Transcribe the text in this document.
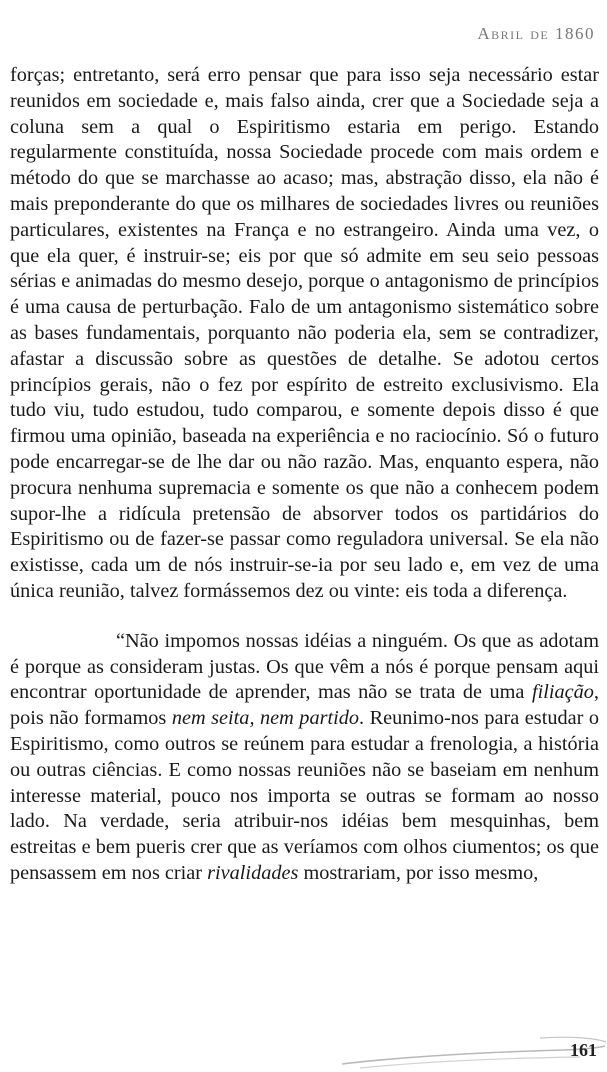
Abril de 1860

forças; entretanto, será erro pensar que para isso seja necessário estar reunidos em sociedade e, mais falso ainda, crer que a Sociedade seja a coluna sem a qual o Espiritismo estaria em perigo. Estando regularmente constituída, nossa Sociedade procede com mais ordem e método do que se marchasse ao acaso; mas, abstração disso, ela não é mais preponderante do que os milhares de sociedades livres ou reuniões particulares, existentes na França e no estrangeiro. Ainda uma vez, o que ela quer, é instruir-se; eis por que só admite em seu seio pessoas sérias e animadas do mesmo desejo, porque o antagonismo de princípios é uma causa de perturbação. Falo de um antagonismo sistemático sobre as bases fundamentais, porquanto não poderia ela, sem se contradizer, afastar a discussão sobre as questões de detalhe. Se adotou certos princípios gerais, não o fez por espírito de estreito exclusivismo. Ela tudo viu, tudo estudou, tudo comparou, e somente depois disso é que firmou uma opinião, baseada na experiência e no raciocínio. Só o futuro pode encarregar-se de lhe dar ou não razão. Mas, enquanto espera, não procura nenhuma supremacia e somente os que não a conhecem podem supor-lhe a ridícula pretensão de absorver todos os partidários do Espiritismo ou de fazer-se passar como reguladora universal. Se ela não existisse, cada um de nós instruir-se-ia por seu lado e, em vez de uma única reunião, talvez formássemos dez ou vinte: eis toda a diferença.

“Não impomos nossas idéias a ninguém. Os que as adotam é porque as consideram justas. Os que vêm a nós é porque pensam aqui encontrar oportunidade de aprender, mas não se trata de uma filiação, pois não formamos nem seita, nem partido. Reunimo-nos para estudar o Espiritismo, como outros se reúnem para estudar a frenologia, a história ou outras ciências. E como nossas reuniões não se baseiam em nenhum interesse material, pouco nos importa se outras se formam ao nosso lado. Na verdade, seria atribuir-nos idéias bem mesquinhas, bem estreitas e bem pueris crer que as veríamos com olhos ciumentos; os que pensassem em nos criar rivalidades mostrariam, por isso mesmo,

161
